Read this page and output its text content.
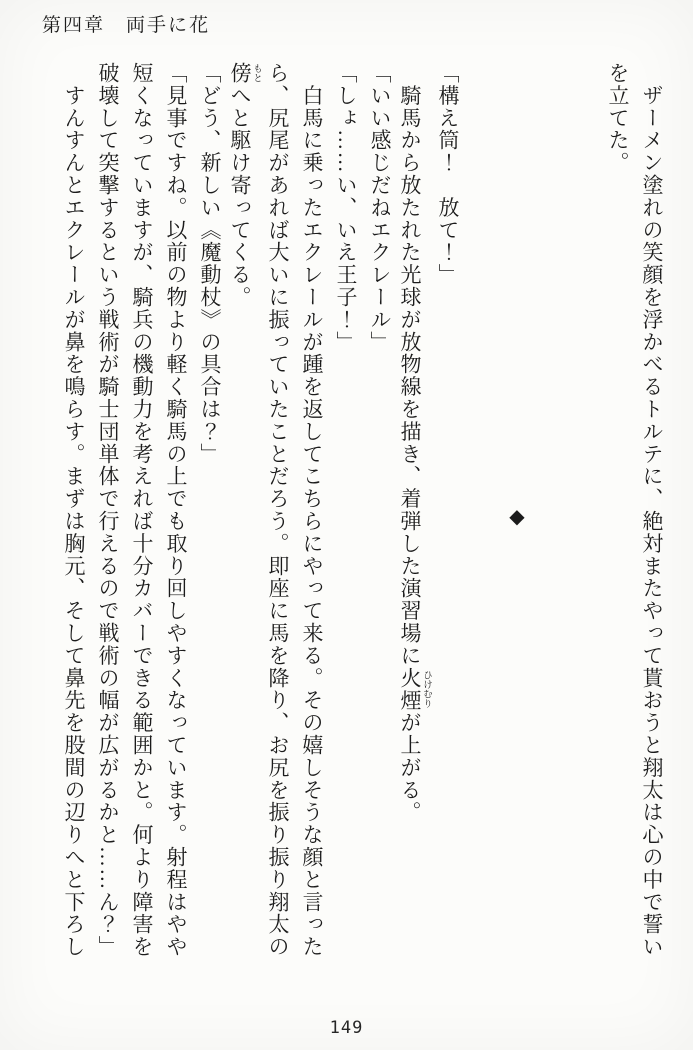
第四章　両手に花
　ザーメン塗れの笑顔を浮かべるトルテに、絶対またやって貰おうと翔太は心の中で誓い
を立てた。
◆
「構え筒！　放て！」
　騎馬から放たれた光球が放物線を描き、着弾した演習場に火煙 ひけむりが上がる。
「いい感じだねエクレール」
「しょ……い、いえ王子！」
　白馬に乗ったエクレールが踵を返してこちらにやって来る。その嬉しそうな顔と言った
ら、尻尾があれば大いに振っていたことだろう。即座に馬を降り、お尻を振り振り翔太の
傍 もとへと駆け寄ってくる。
「どう、新しい《魔動杖》の具合は？」
「見事ですね。以前の物より軽く騎馬の上でも取り回しやすくなっています。射程はやや
短くなっていますが、騎兵の機動力を考えれば十分カバーできる範囲かと。何より障害を
破壊して突撃するという戦術が騎士団単体で行えるので戦術の幅が広がるかと……ん？」
　すんすんとエクレールが鼻を鳴らす。まずは胸元、そして鼻先を股間の辺りへと下ろし
149
